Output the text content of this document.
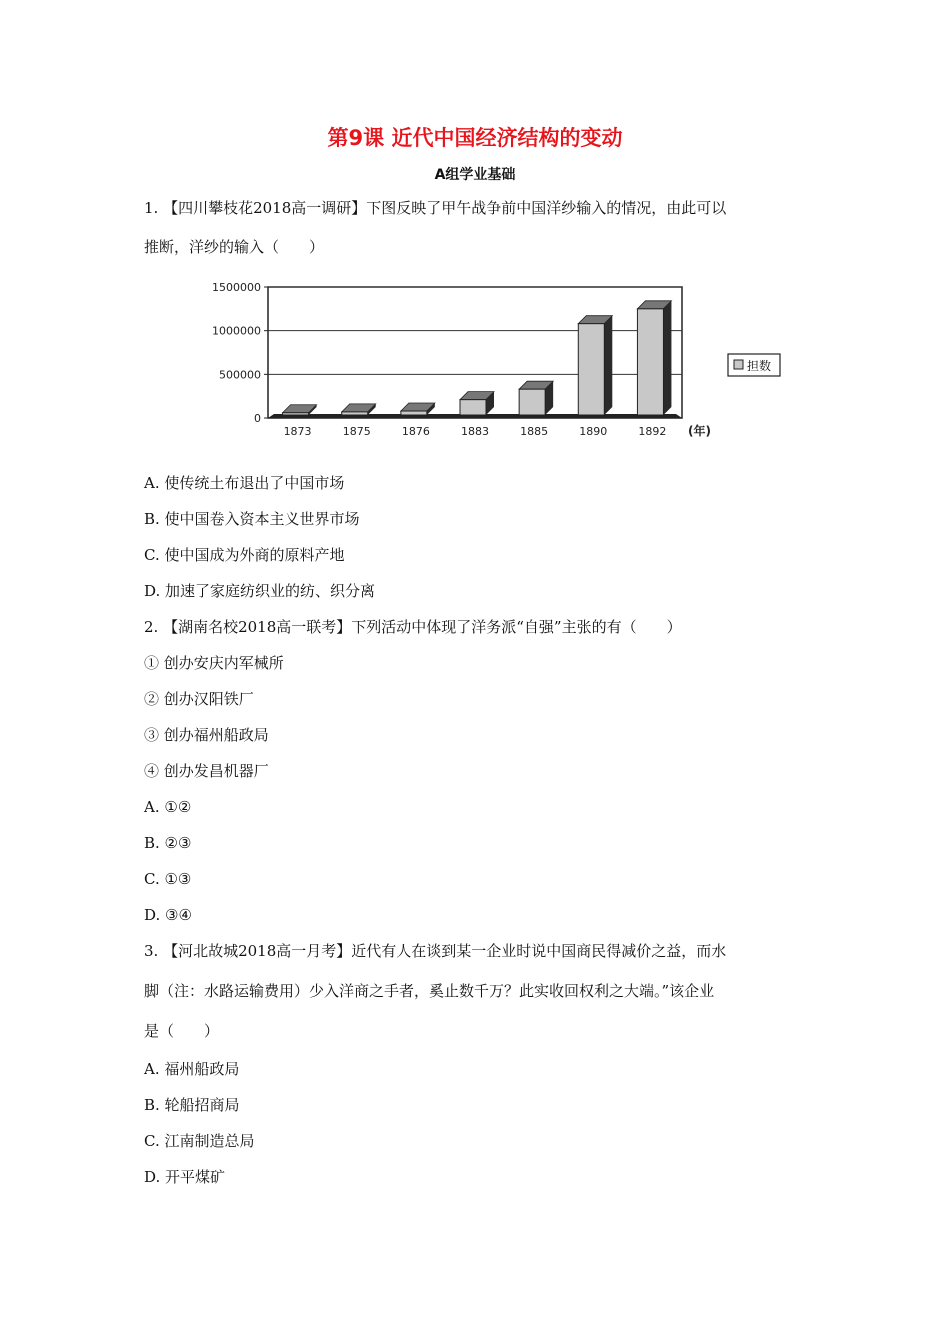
第9课 近代中国经济结构的变动
A组学业基础
1. 【四川攀枝花2018高一调研】下图反映了甲午战争前中国洋纱输入的情况，由此可以
推断，洋纱的输入（　　）
0
500000
1000000
1500000
1873	1875	1876	1883	1885	1890	1892 (年)
担数
A. 使传统土布退出了中国市场
B. 使中国卷入资本主义世界市场
C. 使中国成为外商的原料产地
D. 加速了家庭纺织业的纺、织分离
2. 【湖南名校2018高一联考】下列活动中体现了洋务派“自强”主张的有（　　）
① 创办安庆内军械所
② 创办汉阳铁厂
③ 创办福州船政局
④ 创办发昌机器厂
A. ①②
B. ②③
C. ①③
D. ③④
3. 【河北故城2018高一月考】近代有人在谈到某一企业时说中国商民得减价之益，而水
脚（注：水路运输费用）少入洋商之手者，奚止数千万？此实收回权利之大端。”该企业
是（　　）
A. 福州船政局
B. 轮船招商局
C. 江南制造总局
D. 开平煤矿
